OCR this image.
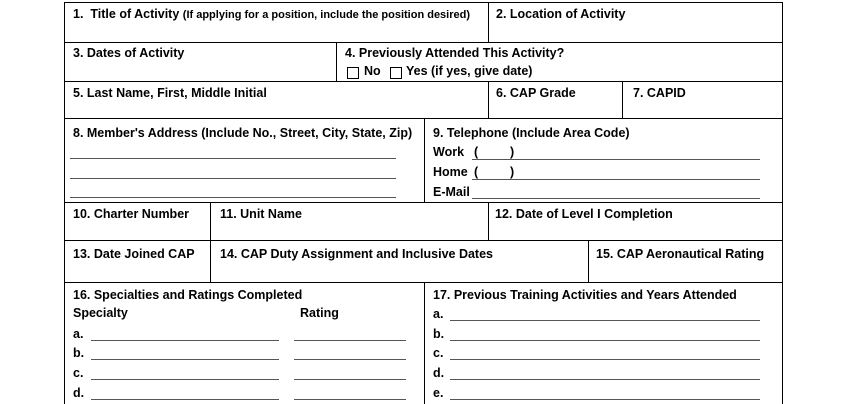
1. Title of Activity (If applying for a position, include the position desired) 2. Location of Activity
3. Dates of Activity	4. Previously Attended This Activity?
No Yes (if yes, give date)
5. Last Name, First, Middle Initial	6. CAP Grade	7. CAPID
8. Member's Address (Include No., Street, City, State, Zip) 9. Telephone (Include Area Code)
Work (	)
Home (	)
E-Mail
10. Charter Number 11. Unit Name	12. Date of Level I Completion
13. Date Joined CAP 14. CAP Duty Assignment and Inclusive Dates	15. CAP Aeronautical Rating
16. Specialties and Ratings Completed
Specialty	Rating
a.
b.
c.
d.
17. Previous Training Activities and Years Attended
a.
b.
c.
d.
e.
